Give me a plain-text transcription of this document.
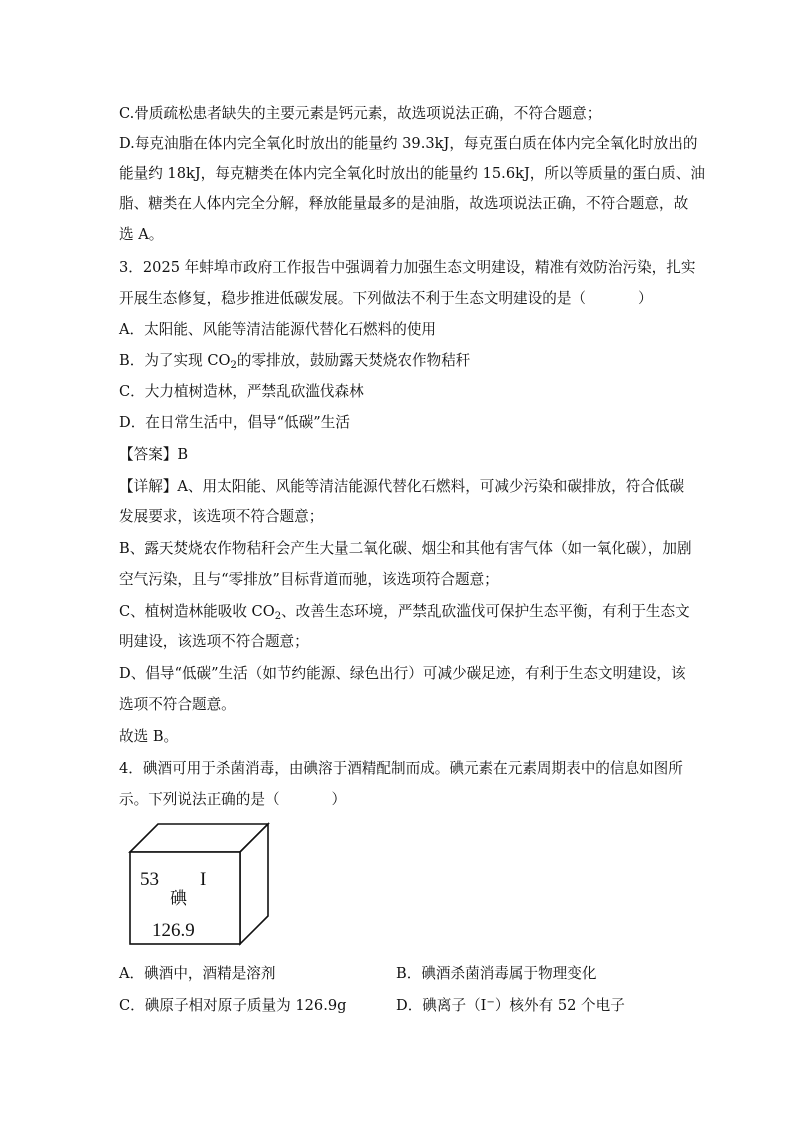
C.骨质疏松患者缺失的主要元素是钙元素，故选项说法正确，不符合题意；

D.每克油脂在体内完全氧化时放出的能量约 39.3kJ，每克蛋白质在体内完全氧化时放出的

能量约 18kJ，每克糖类在体内完全氧化时放出的能量约 15.6kJ，所以等质量的蛋白质、油

脂、糖类在人体内完全分解，释放能量最多的是油脂，故选项说法正确，不符合题意，故

选 A。

3．2025 年蚌埠市政府工作报告中强调着力加强生态文明建设，精准有效防治污染，扎实

开展生态修复，稳步推进低碳发展。下列做法不利于生态文明建设的是（	）

A．太阳能、风能等清洁能源代替化石燃料的使用

B．为了实现 $CO_2$的零排放，鼓励露天焚烧农作物秸秆

C．大力植树造林，严禁乱砍滥伐森林

D．在日常生活中，倡导“低碳”生活

【答案】B

【详解】A、用太阳能、风能等清洁能源代替化石燃料，可减少污染和碳排放，符合低碳

发展要求，该选项不符合题意；

B、露天焚烧农作物秸秆会产生大量二氧化碳、烟尘和其他有害气体（如一氧化碳），加剧

空气污染，且与“零排放”目标背道而驰，该选项符合题意；

C、植树造林能吸收 $CO_2$、改善生态环境，严禁乱砍滥伐可保护生态平衡，有利于生态文

明建设，该选项不符合题意；

D、倡导“低碳”生活（如节约能源、绿色出行）可减少碳足迹，有利于生态文明建设，该

选项不符合题意。

故选 B。

4．碘酒可用于杀菌消毒，由碘溶于酒精配制而成。碘元素在元素周期表中的信息如图所

示。下列说法正确的是（	）

53 I
碘
126.9

A．碘酒中，酒精是溶剂	B．碘酒杀菌消毒属于物理变化

C．碘原子相对原子质量为 126.9g	D．碘离子（I−）核外有 52 个电子
